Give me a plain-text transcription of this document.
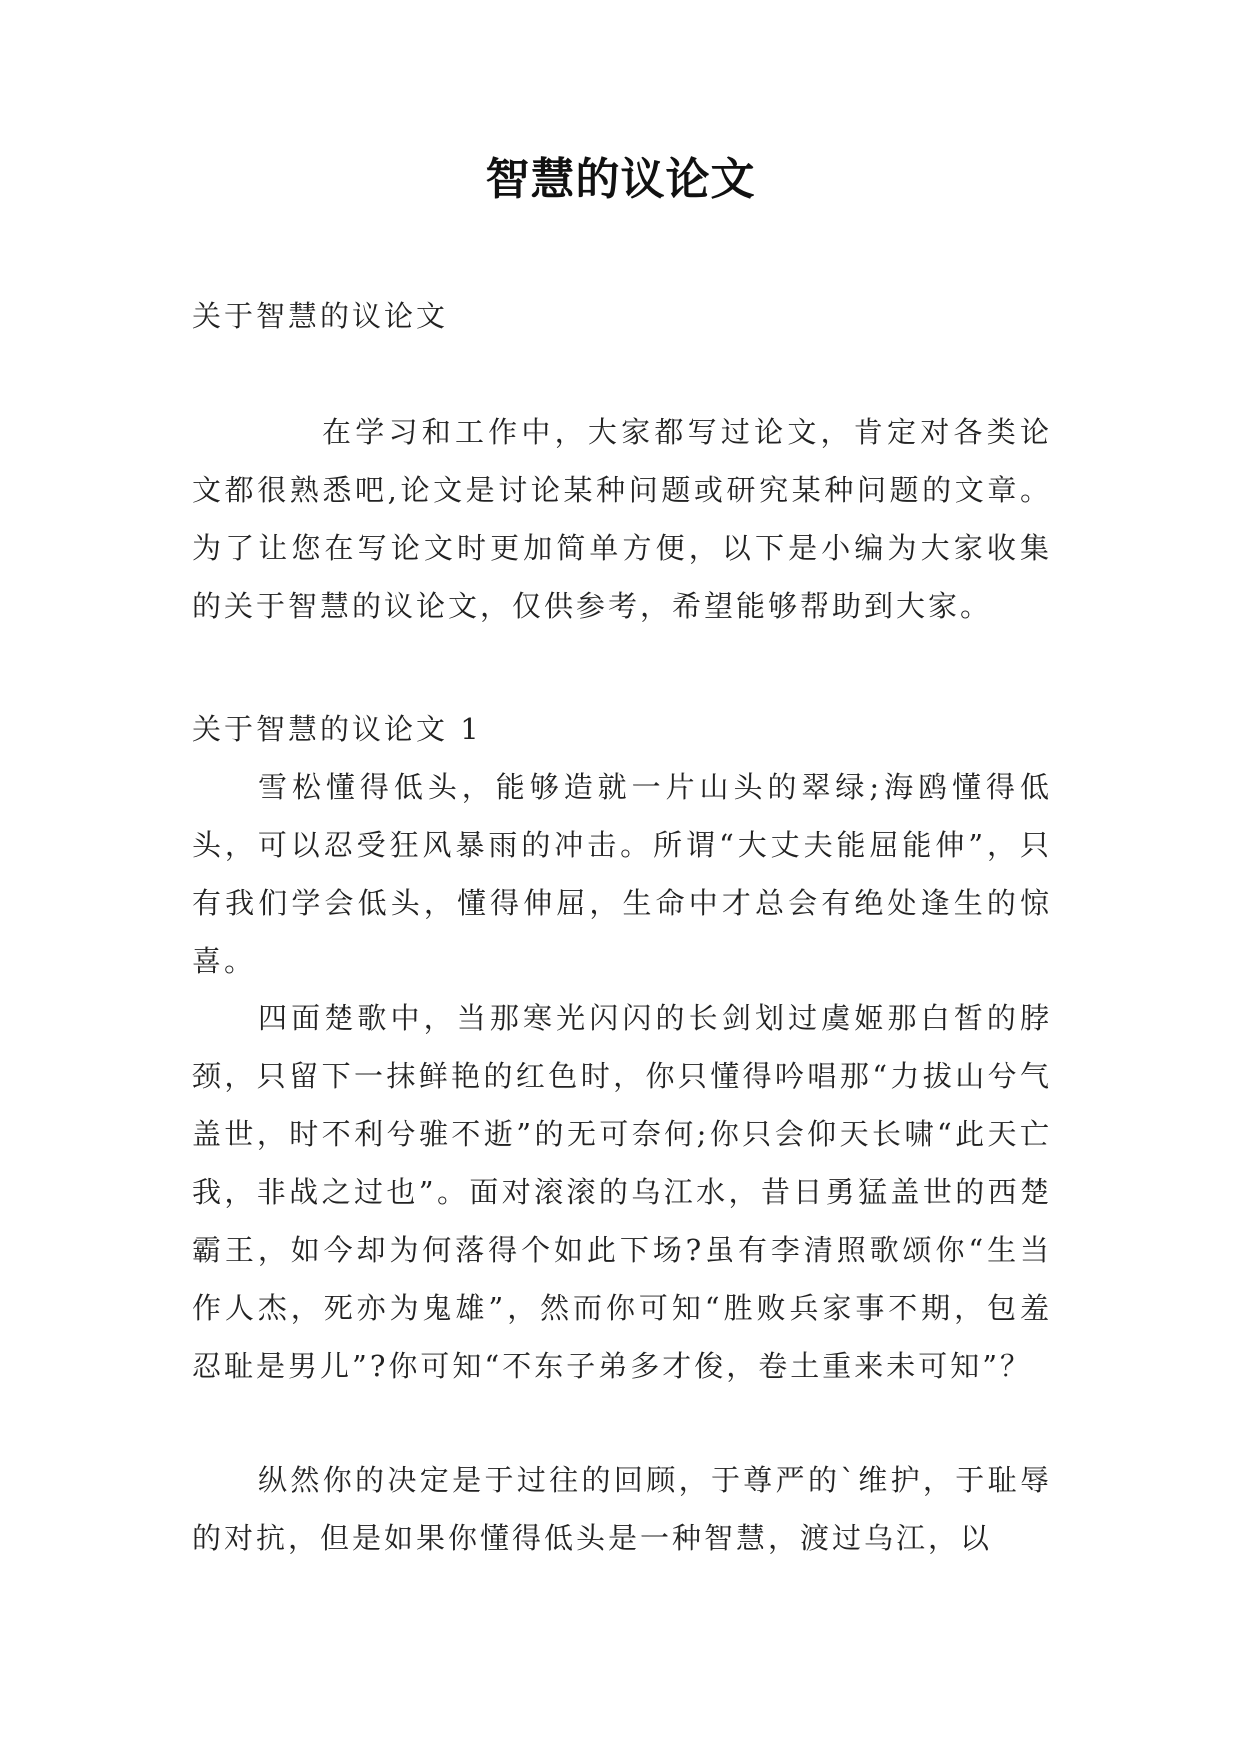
智慧的议论文

关于智慧的议论文

在学习和工作中，大家都写过论文，肯定对各类论文都很熟悉吧,论文是讨论某种问题或研究某种问题的文章。为了让您在写论文时更加简单方便，以下是小编为大家收集的关于智慧的议论文，仅供参考，希望能够帮助到大家。

关于智慧的议论文 1

雪松懂得低头，能够造就一片山头的翠绿;海鸥懂得低头，可以忍受狂风暴雨的冲击。所谓“大丈夫能屈能伸”，只有我们学会低头，懂得伸屈，生命中才总会有绝处逢生的惊喜。

四面楚歌中，当那寒光闪闪的长剑划过虞姬那白皙的脖颈，只留下一抹鲜艳的红色时，你只懂得吟唱那“力拔山兮气盖世，时不利兮骓不逝”的无可奈何;你只会仰天长啸“此天亡我，非战之过也”。面对滚滚的乌江水，昔日勇猛盖世的西楚霸王，如今却为何落得个如此下场?虽有李清照歌颂你“生当作人杰，死亦为鬼雄”，然而你可知“胜败兵家事不期，包羞忍耻是男儿”?你可知“不东子弟多才俊，卷土重来未可知”？

纵然你的决定是于过往的回顾，于尊严的`维护，于耻辱的对抗，但是如果你懂得低头是一种智慧，渡过乌江，以
